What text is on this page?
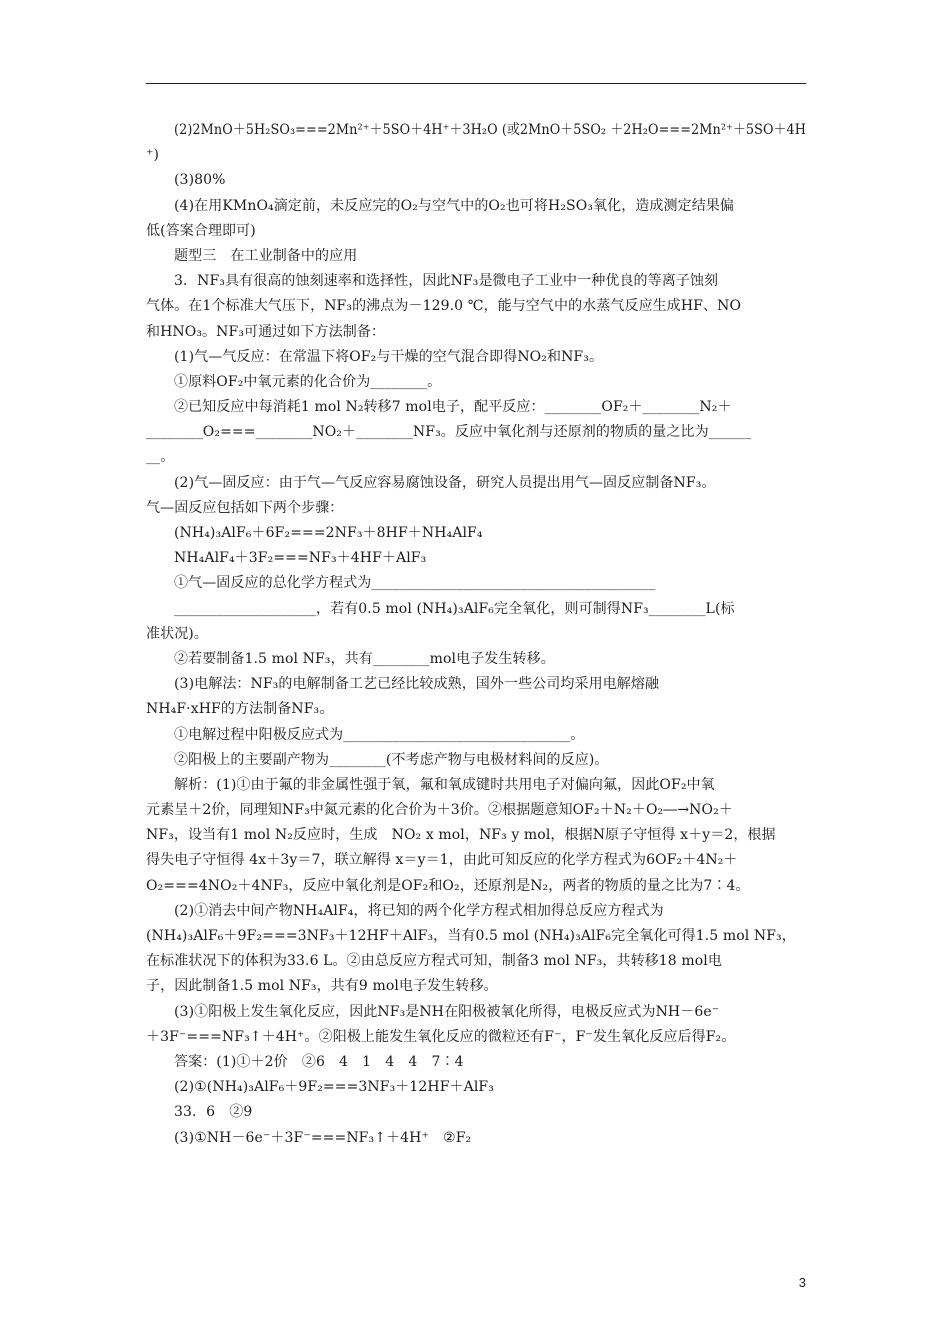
(2)2MnO＋5H₂SO₃===2Mn²⁺＋5SO＋4H⁺＋3H₂O (或2MnO＋5SO₂ ＋2H₂O===2Mn²⁺＋5SO＋4H
⁺)
(3)80%
(4)在用KMnO₄滴定前，未反应完的O₂与空气中的O₂也可将H₂SO₃氧化，造成测定结果偏
低(答案合理即可)
题型三　在工业制备中的应用
3．NF₃具有很高的蚀刻速率和选择性，因此NF₃是微电子工业中一种优良的等离子蚀刻
气体。在1个标准大气压下，NF₃的沸点为－129.0 ℃，能与空气中的水蒸气反应生成HF、NO
和HNO₃。NF₃可通过如下方法制备：
(1)气—气反应：在常温下将OF₂与干燥的空气混合即得NO₂和NF₃。
①原料OF₂中氧元素的化合价为________。
②已知反应中每消耗1 mol N₂转移7 mol电子，配平反应：________OF₂＋________N₂＋
________O₂===________NO₂＋________NF₃。反应中氧化剂与还原剂的物质的量之比为______
__。
(2)气—固反应：由于气—气反应容易腐蚀设备，研究人员提出用气—固反应制备NF₃。
气—固反应包括如下两个步骤：
(NH₄)₃AlF₆＋6F₂===2NF₃＋8HF＋NH₄AlF₄
NH₄AlF₄＋3F₂===NF₃＋4HF＋AlF₃
①气—固反应的总化学方程式为________________________________________
____________________，若有0.5 mol (NH₄)₃AlF₆完全氧化，则可制得NF₃________L(标
准状况)。
②若要制备1.5 mol NF₃，共有________mol电子发生转移。
(3)电解法：NF₃的电解制备工艺已经比较成熟，国外一些公司均采用电解熔融
NH₄F·xHF的方法制备NF₃。
①电解过程中阳极反应式为________________________________。
②阳极上的主要副产物为________(不考虑产物与电极材料间的反应)。
解析：(1)①由于氟的非金属性强于氧，氟和氧成键时共用电子对偏向氟，因此OF₂中氧
元素呈＋2价，同理知NF₃中氮元素的化合价为＋3价。②根据题意知OF₂＋N₂＋O₂―→NO₂＋
NF₃，设当有1 mol N₂反应时，生成　NO₂ x mol，NF₃ y mol，根据N原子守恒得 x＋y＝2，根据
得失电子守恒得 4x＋3y＝7，联立解得 x＝y＝1，由此可知反应的化学方程式为6OF₂＋4N₂＋
O₂===4NO₂＋4NF₃，反应中氧化剂是OF₂和O₂，还原剂是N₂，两者的物质的量之比为7∶4。
(2)①消去中间产物NH₄AlF₄，将已知的两个化学方程式相加得总反应方程式为
(NH₄)₃AlF₆＋9F₂===3NF₃＋12HF＋AlF₃，当有0.5 mol (NH₄)₃AlF₆完全氧化可得1.5 mol NF₃，
在标准状况下的体积为33.6 L。②由总反应方程式可知，制备3 mol NF₃，共转移18 mol电
子，因此制备1.5 mol NF₃，共有9 mol电子发生转移。
(3)①阳极上发生氧化反应，因此NF₃是NH在阳极被氧化所得，电极反应式为NH－6e⁻
＋3F⁻===NF₃↑＋4H⁺。②阳极上能发生氧化反应的微粒还有F⁻，F⁻发生氧化反应后得F₂。
答案：(1)①＋2价　②6　4　1　4　4　7∶4
(2)①(NH₄)₃AlF₆＋9F₂===3NF₃＋12HF＋AlF₃
33．6　②9
(3)①NH－6e⁻＋3F⁻===NF₃↑＋4H⁺　②F₂
3
